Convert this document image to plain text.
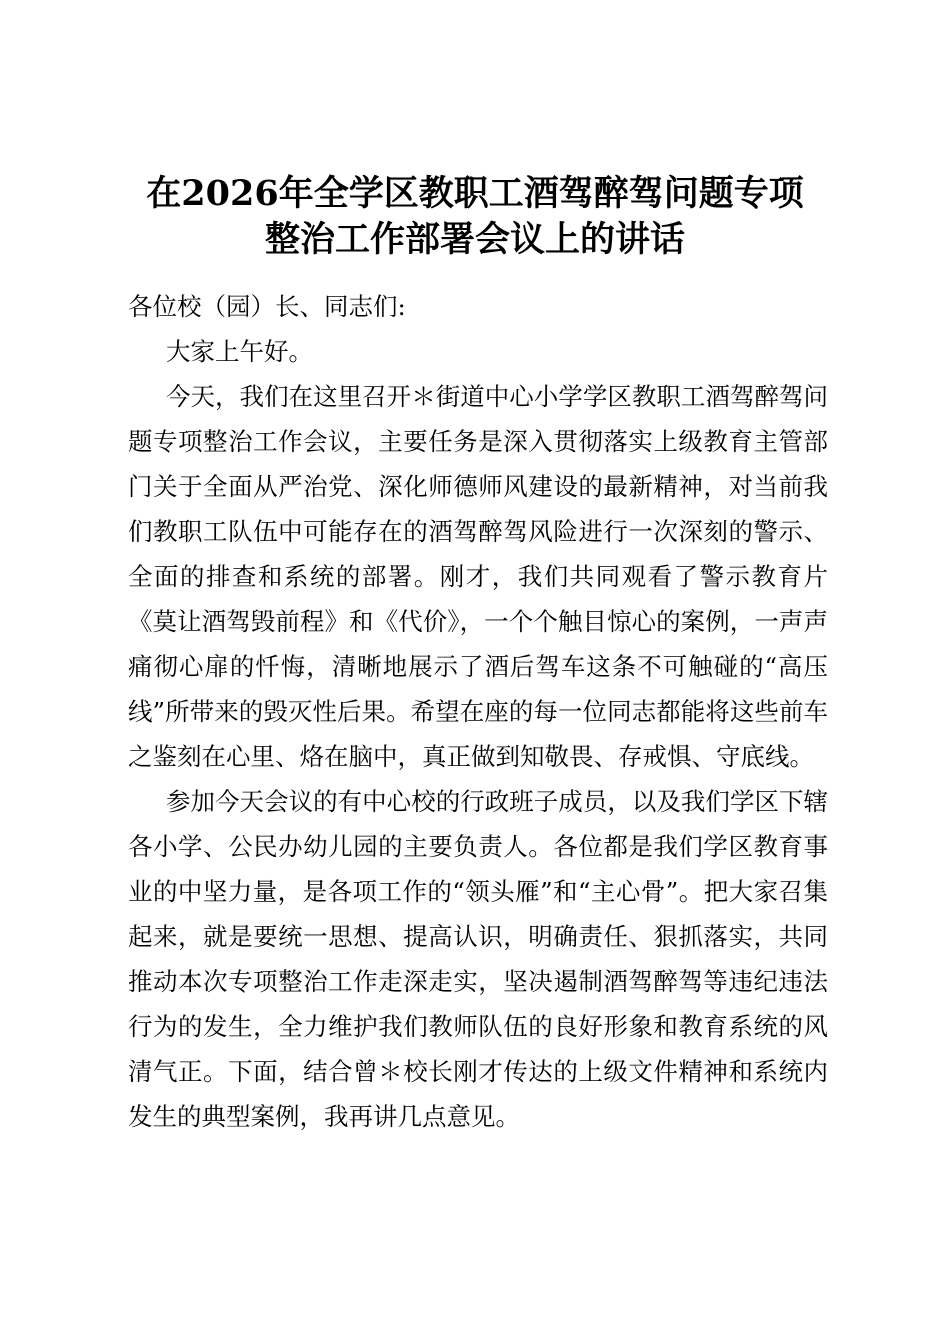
在2026年全学区教职工酒驾醉驾问题专项
整治工作部署会议上的讲话

各位校（园）长、同志们:

大家上午好。

今天，我们在这里召开＊街道中心小学学区教职工酒驾醉驾问题专项整治工作会议，主要任务是深入贯彻落实上级教育主管部门关于全面从严治党、深化师德师风建设的最新精神，对当前我们教职工队伍中可能存在的酒驾醉驾风险进行一次深刻的警示、全面的排查和系统的部署。刚才，我们共同观看了警示教育片《莫让酒驾毁前程》和《代价》，一个个触目惊心的案例，一声声痛彻心扉的忏悔，清晰地展示了酒后驾车这条不可触碰的“高压线”所带来的毁灭性后果。希望在座的每一位同志都能将这些前车之鉴刻在心里、烙在脑中，真正做到知敬畏、存戒惧、守底线。

参加今天会议的有中心校的行政班子成员，以及我们学区下辖各小学、公民办幼儿园的主要负责人。各位都是我们学区教育事业的中坚力量，是各项工作的“领头雁”和“主心骨”。把大家召集起来，就是要统一思想、提高认识，明确责任、狠抓落实，共同推动本次专项整治工作走深走实，坚决遏制酒驾醉驾等违纪违法行为的发生，全力维护我们教师队伍的良好形象和教育系统的风清气正。下面，结合曾＊校长刚才传达的上级文件精神和系统内发生的典型案例，我再讲几点意见。
